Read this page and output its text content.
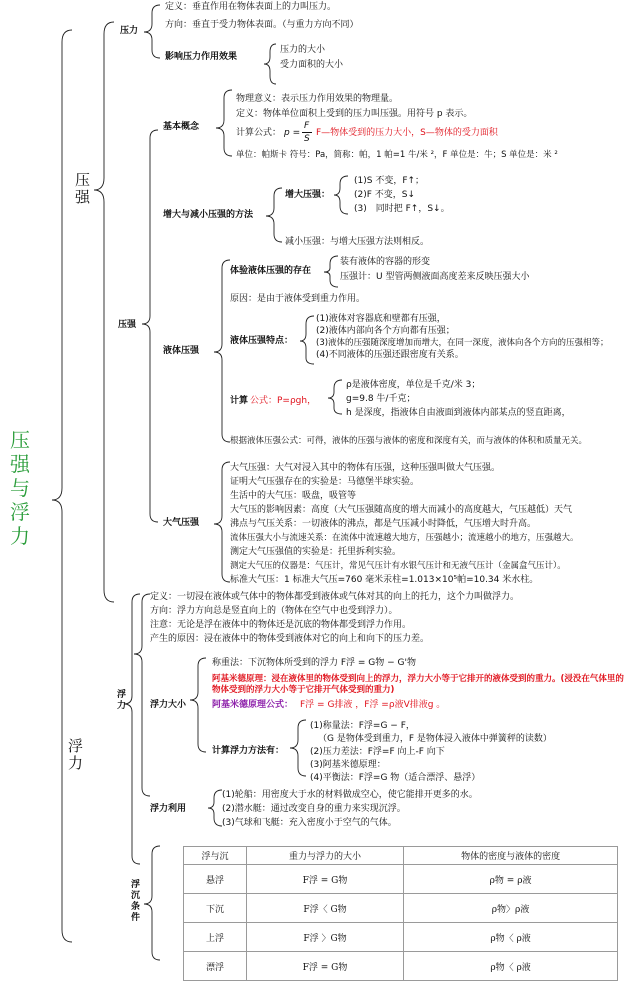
压强与浮力
压强
压力
定义：垂直作用在物体表面上的力叫压力。
方向：垂直于受力物体表面。（与重力方向不同）
影响压力作用效果
压力的大小
受力面积的大小
压强
基本概念
物理意义：表示压力作用效果的物理量。
定义：物体单位面积上受到的压力叫压强。用符号 p 表示。
计算公式： p =
F
S
F—物体受到的压力大小，S—物体的受力面积
单位：帕斯卡 符号：Pa，简称：帕，1 帕=1 牛/米 ²，F 单位是：牛；S 单位是：米 ²
增大与减小压强的方法
增大压强：
(1)S 不变，F↑；
(2)F 不变，S↓
(3)　同时把 F↑，S↓。
减小压强：与增大压强方法则相反。
液体压强
体验液体压强的存在
装有液体的容器的形变
压强计：U 型管两侧液面高度差来反映压强大小
原因：是由于液体受到重力作用。
液体压强特点：
(1)液体对容器底和壁都有压强，
(2)液体内部向各个方向都有压强；
(3)液体的压强随深度增加而增大，在同一深度，液体向各个方向的压强相等；
(4)不同液体的压强还跟密度有关系。
计算 公式：P=ρgh，
ρ是液体密度，单位是千克/米 3；
g=9.8 牛/千克；
h 是深度，指液体自由液面到液体内部某点的竖直距离，
根据液体压强公式：可得，液体的压强与液体的密度和深度有关，而与液体的体积和质量无关。
大气压强
大气压强：大气对浸入其中的物体有压强，这种压强叫做大气压强。
证明大气压强存在的实验是：马德堡半球实验。
生活中的大气压：吸盘，吸管等
大气压的影响因素：高度（大气压强随高度的增大而减小的高度越大，气压越低）天气
沸点与气压关系：一切液体的沸点，都是气压减小时降低，气压增大时升高。
流体压强大小与流速关系：在流体中流速越大地方，压强越小；流速越小的地方，压强越大。
测定大气压强值的实验是：托里拆利实验。
测定大气压的仪器是：气压计，常见气压计有水银气压计和无液气压计（金属盒气压计）。
标准大气压：1 标准大气压=760 毫米汞柱=1.013×10⁵帕=10.34 米水柱。
浮力
浮力
定义：一切浸在液体或气体中的物体都受到液体或气体对其的向上的托力，这个力叫做浮力。
方向：浮力方向总是竖直向上的（物体在空气中也受到浮力）。
注意：无论是浮在液体中的物体还是沉底的物体都受到浮力作用。
产生的原因：浸在液体中的物体受到液体对它的向上和向下的压力差。
浮力大小
称重法：下沉物体所受到的浮力 F浮 = G物 − G'物
阿基米德原理：浸在液体里的物体受到向上的浮力，浮力大小等于它排开的液体受到的重力。(浸没在气体里的物体受到的浮力大小等于它排开气体受到的重力)
阿基米德原理公式： F浮 = G排液 ，F浮 =ρ液V排液g 。
计算浮力方法有：
(1)称量法：F浮=G − F，
（G 是物体受到重力，F 是物体浸入液体中弹簧秤的读数）
(2)压力差法：F浮=F 向上-F 向下
(3)阿基米德原理：
(4)平衡法：F浮=G 物（适合漂浮、悬浮）
浮力利用
(1)轮船：用密度大于水的材料做成空心，使它能排开更多的水。
(2)潜水艇：通过改变自身的重力来实现沉浮。
(3)气球和飞艇：充入密度小于空气的气体。
浮沉条件
浮与沉	重力与浮力的大小	物体的密度与液体的密度
悬浮	F浮 = G物	ρ物 = ρ液
下沉	F浮〈 G物	ρ物〉ρ液
上浮	F浮 〉G物	ρ物〈 ρ液
漂浮	F浮 = G物	ρ物〈 ρ液
